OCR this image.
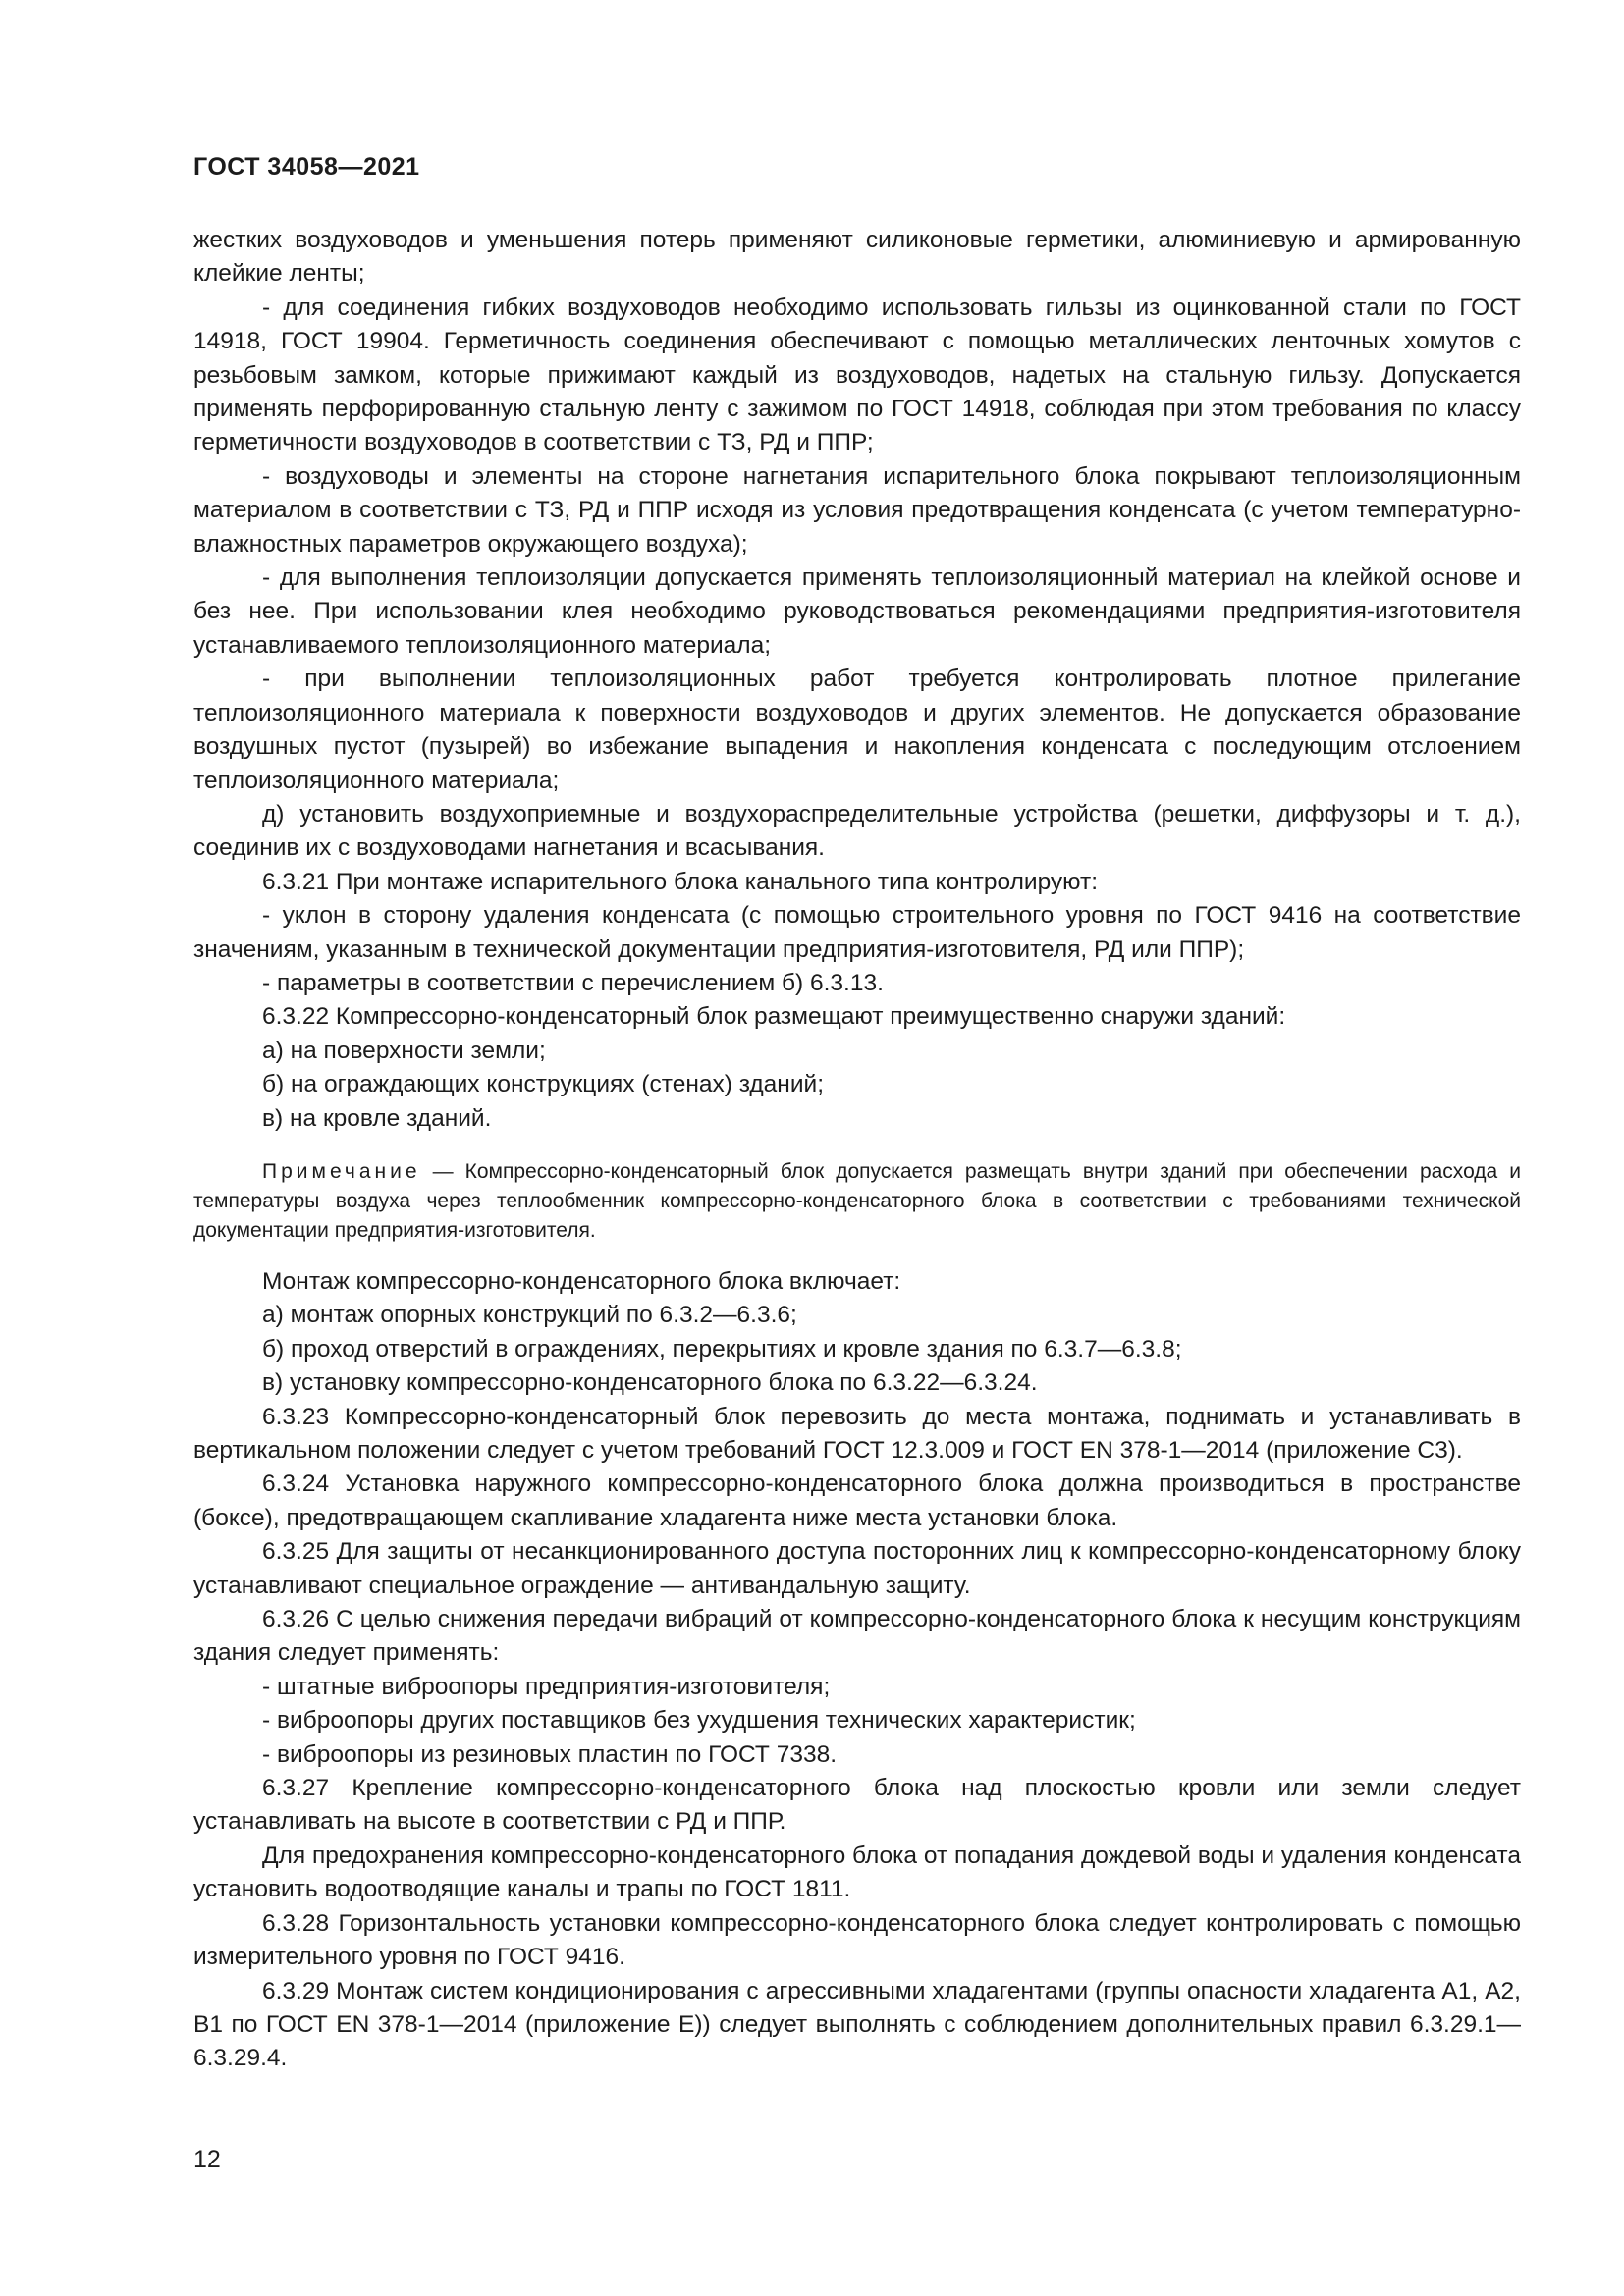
ГОСТ 34058—2021

жестких воздуховодов и уменьшения потерь применяют силиконовые герметики, алюминиевую и армированную клейкие ленты;

- для соединения гибких воздуховодов необходимо использовать гильзы из оцинкованной стали по ГОСТ 14918, ГОСТ 19904. Герметичность соединения обеспечивают с помощью металлических ленточных хомутов с резьбовым замком, которые прижимают каждый из воздуховодов, надетых на стальную гильзу. Допускается применять перфорированную стальную ленту с зажимом по ГОСТ 14918, соблюдая при этом требования по классу герметичности воздуховодов в соответствии с ТЗ, РД и ППР;

- воздуховоды и элементы на стороне нагнетания испарительного блока покрывают теплоизоляционным материалом в соответствии с ТЗ, РД и ППР исходя из условия предотвращения конденсата (с учетом температурно-влажностных параметров окружающего воздуха);

- для выполнения теплоизоляции допускается применять теплоизоляционный материал на клейкой основе и без нее. При использовании клея необходимо руководствоваться рекомендациями предприятия-изготовителя устанавливаемого теплоизоляционного материала;

- при выполнении теплоизоляционных работ требуется контролировать плотное прилегание теплоизоляционного материала к поверхности воздуховодов и других элементов. Не допускается образование воздушных пустот (пузырей) во избежание выпадения и накопления конденсата с последующим отслоением теплоизоляционного материала;

д) установить воздухоприемные и воздухораспределительные устройства (решетки, диффузоры и т. д.), соединив их с воздуховодами нагнетания и всасывания.

6.3.21 При монтаже испарительного блока канального типа контролируют:

- уклон в сторону удаления конденсата (с помощью строительного уровня по ГОСТ 9416 на соответствие значениям, указанным в технической документации предприятия-изготовителя, РД или ППР);

- параметры в соответствии с перечислением б) 6.3.13.

6.3.22 Компрессорно-конденсаторный блок размещают преимущественно снаружи зданий:

а) на поверхности земли;

б) на ограждающих конструкциях (стенах) зданий;

в) на кровле зданий.

Примечание — Компрессорно-конденсаторный блок допускается размещать внутри зданий при обеспечении расхода и температуры воздуха через теплообменник компрессорно-конденсаторного блока в соответствии с требованиями технической документации предприятия-изготовителя.

Монтаж компрессорно-конденсаторного блока включает:

а) монтаж опорных конструкций по 6.3.2—6.3.6;

б) проход отверстий в ограждениях, перекрытиях и кровле здания по 6.3.7—6.3.8;

в) установку компрессорно-конденсаторного блока по 6.3.22—6.3.24.

6.3.23 Компрессорно-конденсаторный блок перевозить до места монтажа, поднимать и устанавливать в вертикальном положении следует с учетом требований ГОСТ 12.3.009 и ГОСТ EN 378-1—2014 (приложение С3).

6.3.24 Установка наружного компрессорно-конденсаторного блока должна производиться в пространстве (боксе), предотвращающем скапливание хладагента ниже места установки блока.

6.3.25 Для защиты от несанкционированного доступа посторонних лиц к компрессорно-конденсаторному блоку устанавливают специальное ограждение — антивандальную защиту.

6.3.26 С целью снижения передачи вибраций от компрессорно-конденсаторного блока к несущим конструкциям здания следует применять:

- штатные виброопоры предприятия-изготовителя;

- виброопоры других поставщиков без ухудшения технических характеристик;

- виброопоры из резиновых пластин по ГОСТ 7338.

6.3.27 Крепление компрессорно-конденсаторного блока над плоскостью кровли или земли следует устанавливать на высоте в соответствии с РД и ППР.

Для предохранения компрессорно-конденсаторного блока от попадания дождевой воды и удаления конденсата установить водоотводящие каналы и трапы по ГОСТ 1811.

6.3.28 Горизонтальность установки компрессорно-конденсаторного блока следует контролировать с помощью измерительного уровня по ГОСТ 9416.

6.3.29 Монтаж систем кондиционирования с агрессивными хладагентами (группы опасности хладагента А1, А2, В1 по ГОСТ EN 378-1—2014 (приложение Е)) следует выполнять с соблюдением дополнительных правил 6.3.29.1—6.3.29.4.

12
